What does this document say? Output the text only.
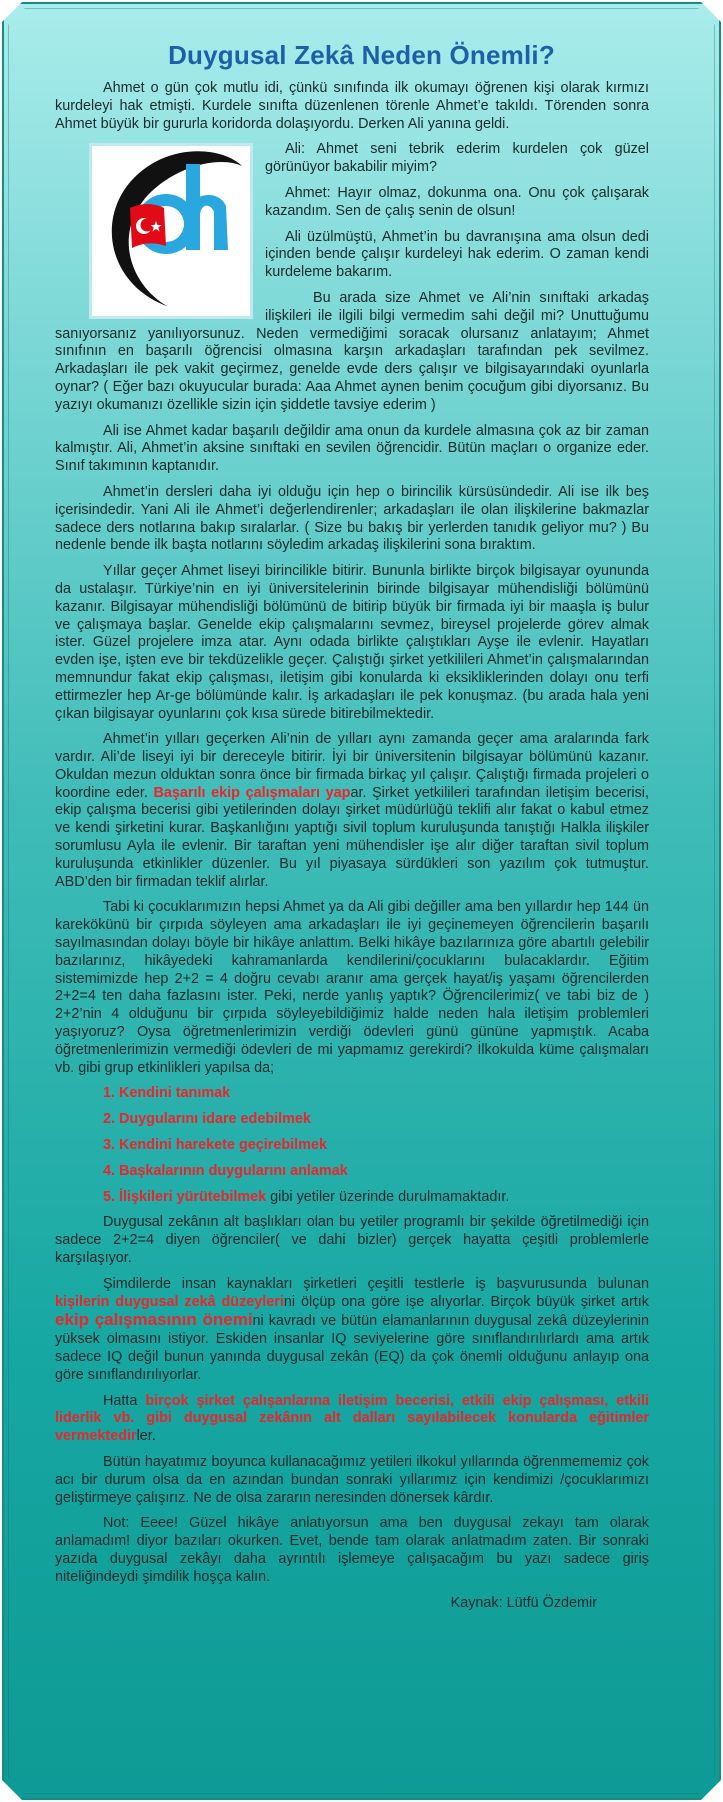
Duygusal Zekâ Neden Önemli?

Ahmet o gün çok mutlu idi, çünkü sınıfında ilk okumayı öğrenen kişi olarak kırmızı kurdeleyi hak etmişti. Kurdele sınıfta düzenlenen törenle Ahmet’e takıldı. Törenden sonra Ahmet büyük bir gururla koridorda dolaşıyordu. Derken Ali yanına geldi.

Ali: Ahmet seni tebrik ederim kurdelen çok güzel görünüyor bakabilir miyim?

Ahmet: Hayır olmaz, dokunma ona. Onu çok çalışarak kazandım. Sen de çalış senin de olsun!

Ali üzülmüştü, Ahmet’in bu davranışına ama olsun dedi içinden bende çalışır kurdeleyi hak ederim. O zaman kendi kurdeleme bakarım.

Bu arada size Ahmet ve Ali’nin sınıftaki arkadaş ilişkileri ile ilgili bilgi vermedim sahi değil mi? Unuttuğumu sanıyorsanız yanılıyorsunuz. Neden vermediğimi soracak olursanız anlatayım; Ahmet sınıfının en başarılı öğrencisi olmasına karşın arkadaşları tarafından pek sevilmez. Arkadaşları ile pek vakit geçirmez, genelde evde ders çalışır ve bilgisayarındaki oyunlarla oynar? ( Eğer bazı okuyucular burada: Aaa Ahmet aynen benim çocuğum gibi diyorsanız. Bu yazıyı okumanızı özellikle sizin için şiddetle tavsiye ederim )

Ali ise Ahmet kadar başarılı değildir ama onun da kurdele almasına çok az bir zaman kalmıştır. Ali, Ahmet’in aksine sınıftaki en sevilen öğrencidir. Bütün maçları o organize eder. Sınıf takımının kaptanıdır.

Ahmet’in dersleri daha iyi olduğu için hep o birincilik kürsüsündedir. Ali ise ilk beş içerisindedir. Yani Ali ile Ahmet’i değerlendirenler; arkadaşları ile olan ilişkilerine bakmazlar sadece ders notlarına bakıp sıralarlar. ( Size bu bakış bir yerlerden tanıdık geliyor mu? ) Bu nedenle bende ilk başta notlarını söyledim arkadaş ilişkilerini sona bıraktım.

Yıllar geçer Ahmet liseyi birincilikle bitirir. Bununla birlikte birçok bilgisayar oyununda da ustalaşır. Türkiye’nin en iyi üniversitelerinin birinde bilgisayar mühendisliği bölümünü kazanır. Bilgisayar mühendisliği bölümünü de bitirip büyük bir firmada iyi bir maaşla iş bulur ve çalışmaya başlar. Genelde ekip çalışmalarını sevmez, bireysel projelerde görev almak ister. Güzel projelere imza atar. Aynı odada birlikte çalıştıkları Ayşe ile evlenir. Hayatları evden işe, işten eve bir tekdüzelikle geçer. Çalıştığı şirket yetkilileri Ahmet’in çalışmalarından memnundur fakat ekip çalışması, iletişim gibi konularda ki eksikliklerinden dolayı onu terfi ettirmezler hep Ar-ge bölümünde kalır. İş arkadaşları ile pek konuşmaz. (bu arada hala yeni çıkan bilgisayar oyunlarını çok kısa sürede bitirebilmektedir.

Ahmet’in yılları geçerken Ali’nin de yılları aynı zamanda geçer ama aralarında fark vardır. Ali’de liseyi iyi bir dereceyle bitirir. İyi bir üniversitenin bilgisayar bölümünü kazanır. Okuldan mezun olduktan sonra önce bir firmada birkaç yıl çalışır. Çalıştığı firmada projeleri o koordine eder. Başarılı ekip çalışmaları yapar. Şirket yetkilileri tarafından iletişim becerisi, ekip çalışma becerisi gibi yetilerinden dolayı şirket müdürlüğü teklifi alır fakat o kabul etmez ve kendi şirketini kurar. Başkanlığını yaptığı sivil toplum kuruluşunda tanıştığı Halkla ilişkiler sorumlusu Ayla ile evlenir. Bir taraftan yeni mühendisler işe alır diğer taraftan sivil toplum kuruluşunda etkinlikler düzenler. Bu yıl piyasaya sürdükleri son yazılım çok tutmuştur. ABD’den bir firmadan teklif alırlar.

Tabi ki çocuklarımızın hepsi Ahmet ya da Ali gibi değiller ama ben yıllardır hep 144 ün karekökünü bir çırpıda söyleyen ama arkadaşları ile iyi geçinemeyen öğrencilerin başarılı sayılmasından dolayı böyle bir hikâye anlattım. Belki hikâye bazılarınıza göre abartılı gelebilir bazılarınız, hikâyedeki kahramanlarda kendilerini/çocuklarını bulacaklardır. Eğitim sistemimizde hep 2+2 = 4 doğru cevabı aranır ama gerçek hayat/iş yaşamı öğrencilerden 2+2=4 ten daha fazlasını ister. Peki, nerde yanlış yaptık? Öğrencilerimiz( ve tabi biz de ) 2+2’nin 4 olduğunu bir çırpıda söyleyebildiğimiz halde neden hala iletişim problemleri yaşıyoruz? Oysa öğretmenlerimizin verdiği ödevleri günü gününe yapmıştık. Acaba öğretmenlerimizin vermediği ödevleri de mi yapmamız gerekirdi? İlkokulda küme çalışmaları vb. gibi grup etkinlikleri yapılsa da;

1. Kendini tanımak
2. Duygularını idare edebilmek
3. Kendini harekete geçirebilmek
4. Başkalarının duygularını anlamak
5. İlişkileri yürütebilmek gibi yetiler üzerinde durulmamaktadır.

Duygusal zekânın alt başlıkları olan bu yetiler programlı bir şekilde öğretilmediği için sadece 2+2=4 diyen öğrenciler( ve dahi bizler) gerçek hayatta çeşitli problemlerle karşılaşıyor.

Şimdilerde insan kaynakları şirketleri çeşitli testlerle iş başvurusunda bulunan kişilerin duygusal zekâ düzeylerini ölçüp ona göre işe alıyorlar. Birçok büyük şirket artık ekip çalışmasının önemini kavradı ve bütün elamanlarının duygusal zekâ düzeylerinin yüksek olmasını istiyor. Eskiden insanlar IQ seviyelerine göre sınıflandırılırlardı ama artık sadece IQ değil bunun yanında duygusal zekân (EQ) da çok önemli olduğunu anlayıp ona göre sınıflandırılıyorlar.

Hatta birçok şirket çalışanlarına iletişim becerisi, etkili ekip çalışması, etkili liderlik vb. gibi duygusal zekânın alt dalları sayılabilecek konularda eğitimler vermektedirler.

Bütün hayatımız boyunca kullanacağımız yetileri ilkokul yıllarında öğrenmememiz çok acı bir durum olsa da en azından bundan sonraki yıllarımız için kendimizi /çocuklarımızı geliştirmeye çalışırız. Ne de olsa zararın neresinden dönersek kârdır.

Not: Eeee! Güzel hikâye anlatıyorsun ama ben duygusal zekayı tam olarak anlamadım! diyor bazıları okurken. Evet, bende tam olarak anlatmadım zaten. Bir sonraki yazıda duygusal zekâyı daha ayrıntılı işlemeye çalışacağım bu yazı sadece giriş niteliğindeydi şimdilik hoşça kalın.

Kaynak: Lütfü Özdemir
